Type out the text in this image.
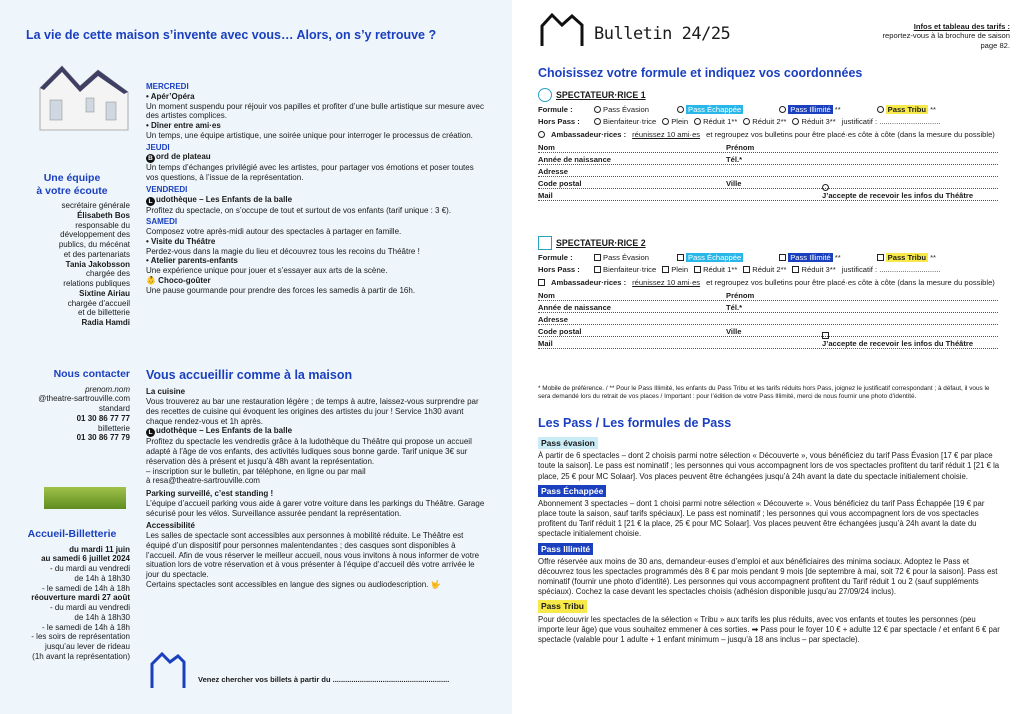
La vie de cette maison s’invente avec vous… Alors, on s’y retrouve ?
Une équipe
à votre écoute
secrétaire générale
Élisabeth Bos
responsable du
développement des
publics, du mécénat
et des partenariats
Tania Jakobsson
chargée des
relations publiques
Sixtine Airiau
chargée d’accueil
et de billetterie
Radia Hamdi
Nous contacter
prenom.nom
@theatre-sartrouville.com
standard
01 30 86 77 77
billetterie
01 30 86 77 79
Accueil-Billetterie
du mardi 11 juin
au samedi 6 juillet 2024
- du mardi au vendredi
de 14h à 18h30
- le samedi de 14h à 18h
réouverture mardi 27 août
- du mardi au vendredi
de 14h à 18h30
- le samedi de 14h à 18h
- les soirs de représentation
jusqu’au lever de rideau
(1h avant la représentation)
MERCREDI
• Apér’Opéra
Un moment suspendu pour réjouir vos papilles et profiter d’une bulle artistique sur mesure avec des artistes complices.
• Dîner entre ami·es
Un temps, une équipe artistique, une soirée unique pour interroger le processus de création.
JEUDI
B ord de plateau
Un temps d’échanges privilégié avec les artistes, pour partager vos émotions et poser toutes vos questions, à l’issue de la représentation.
VENDREDI
L udothèque – Les Enfants de la balle
Profitez du spectacle, on s’occupe de tout et surtout de vos enfants (tarif unique : 3 €).
SAMEDI
Composez votre après-midi autour des spectacles à partager en famille.
• Visite du Théâtre
Perdez-vous dans la magie du lieu et découvrez tous les recoins du Théâtre !
• Atelier parents-enfants
Une expérience unique pour jouer et s’essayer aux arts de la scène.
👶 Choco-goûter
Une pause gourmande pour prendre des forces les samedis à partir de 16h.
Vous accueillir comme à la maison
La cuisine
Vous trouverez au bar une restauration légère ; de temps à autre, laissez-vous surprendre par des recettes de cuisine qui évoquent les origines des artistes du jour ! Service 1h30 avant chaque rendez-vous et 1h après.
L udothèque – Les Enfants de la balle
Profitez du spectacle les vendredis grâce à la ludothèque du Théâtre qui propose un accueil adapté à l’âge de vos enfants, des activités ludiques sous bonne garde. Tarif unique 3€ sur réservation dès à présent et jusqu’à 48h avant la représentation.
– inscription sur le bulletin, par téléphone, en ligne ou par mail
à resa@theatre-sartrouville.com
Parking surveillé, c’est standing !
L’équipe d’accueil parking vous aide à garer votre voiture dans les parkings du Théâtre. Garage sécurisé pour les vélos. Surveillance assurée pendant la représentation.
Accessibilité
Les salles de spectacle sont accessibles aux personnes à mobilité réduite. Le Théâtre est équipé d’un dispositif pour personnes malentendantes ; des casques sont disponibles à l’accueil. Afin de vous réserver le meilleur accueil, nous vous invitons à nous informer de votre situation lors de votre réservation et à vous présenter à l’équipe d’accueil dès votre arrivée le jour du spectacle.
Certains spectacles sont accessibles en langue des signes ou audiodescription. 🤟
Venez chercher vos billets à partir du ........................................................
Bulletin 24/25	Infos et tableau des tarifs :
reportez-vous à la brochure de saison page 82.
Choisissez votre formule et indiquez vos coordonnées
SPECTATEUR·RICE 1
Formule :	Pass Évasion	Pass Échappée	Pass Illimité **	Pass Tribu **
Hors Pass :	Bienfaiteur·trice Plein Réduit 1** Réduit 2** Réduit 3** justificatif : .............................
Ambassadeur·rices : réunissez 10 ami·es et regroupez vos bulletins pour être placé·es côte à côte (dans la mesure du possible)
Nom	Prénom
Année de naissance	Tél.*
Adresse
Code postal	Ville
Mail	J’accepte de recevoir les infos du Théâtre
SPECTATEUR·RICE 2
Formule :	Pass Évasion	Pass Échappée	Pass Illimité **	Pass Tribu **
Hors Pass :	Bienfaiteur·trice Plein Réduit 1** Réduit 2** Réduit 3** justificatif : .............................
Ambassadeur·rices : réunissez 10 ami·es et regroupez vos bulletins pour être placé·es côte à côte (dans la mesure du possible)
Nom	Prénom
Année de naissance	Tél.*
Adresse
Code postal	Ville
Mail	J’accepte de recevoir les infos du Théâtre
* Mobile de préférence. / ** Pour le Pass Illimité, les enfants du Pass Tribu et les tarifs réduits hors Pass, joignez le justificatif correspondant ; à défaut, il vous le sera demandé lors du retrait de vos places / Important : pour l’édition de votre Pass Illimité, merci de nous fournir une photo d’identité.
Les Pass / Les formules de Pass
Pass évasion
À partir de 6 spectacles – dont 2 choisis parmi notre sélection « Découverte », vous bénéficiez du tarif Pass Évasion [17 € par place toute la saison]. Le pass est nominatif ; les personnes qui vous accompagnent lors de vos spectacles profitent du tarif réduit 1 [21 € la place, 25 € pour MC Solaar]. Vos places peuvent être échangées jusqu’à 24h avant la date du spectacle initialement choisie.
Pass Échappée
Abonnement 3 spectacles – dont 1 choisi parmi notre sélection « Découverte ». Vous bénéficiez du tarif Pass Échappée [19 € par place toute la saison, sauf tarifs spéciaux]. Le pass est nominatif ; les personnes qui vous accompagnent lors de vos spectacles profitent du Tarif réduit 1 [21 € la place, 25 € pour MC Solaar]. Vos places peuvent être échangées jusqu’à 24h avant la date du spectacle initialement choisie.
Pass Illimité
Offre réservée aux moins de 30 ans, demandeur·euses d’emploi et aux bénéficiaires des minima sociaux. Adoptez le Pass et découvrez tous les spectacles programmés dès 8 € par mois pendant 9 mois [de septembre à mai, soit 72 € pour la saison]. Pass est nominatif (fournir une photo d’identité). Les personnes qui vous accompagnent profitent du Tarif réduit 1 ou 2 (sauf suppléments spéciaux). Cochez la case devant les spectacles choisis (adhésion disponible jusqu’au 27/09/24 inclus).
Pass Tribu
Pour découvrir les spectacles de la sélection « Tribu » aux tarifs les plus réduits, avec vos enfants et toutes les personnes (peu importe leur âge) que vous souhaitez emmener à ces sorties. ➡ Pass pour le foyer 10 € + adulte 12 € par spectacle / et enfant 6 € par spectacle (valable pour 1 adulte + 1 enfant minimum – jusqu’à 18 ans inclus – par spectacle).
